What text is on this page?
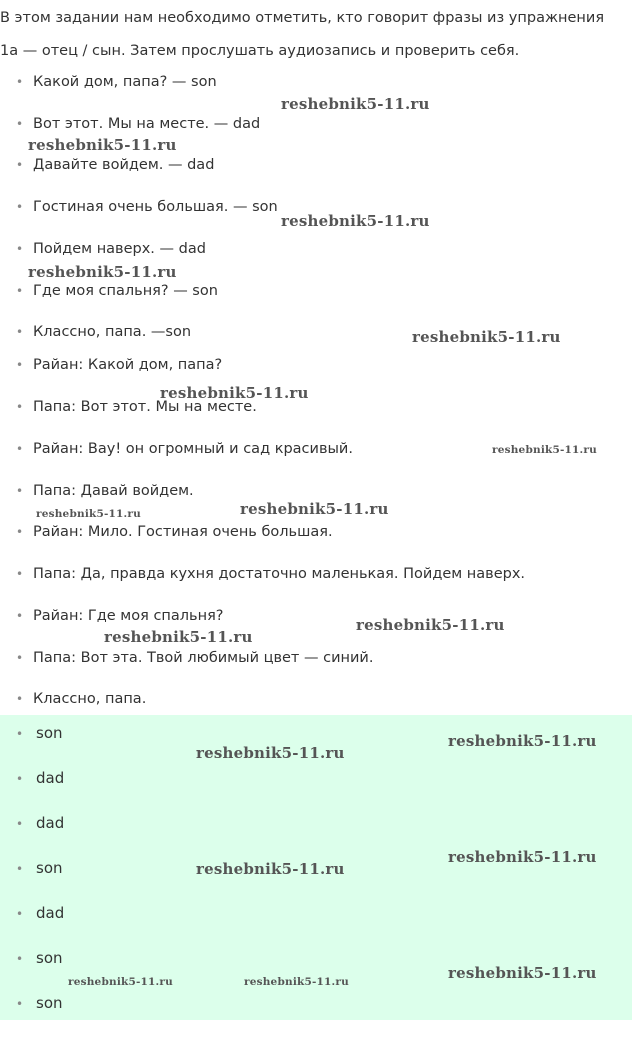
В этом задании нам необходимо отметить, кто говорит фразы из упражнения

1a — отец / сын. Затем прослушать аудиозапись и проверить себя.

• Какой дом, папа? — son
• Вот этот. Мы на месте. — dad
• Давайте войдем. — dad
• Гостиная очень большая. — son
• Пойдем наверх. — dad
• Где моя спальня? — son
• Классно, папа. —son
• Райан: Какой дом, папа?
• Папа: Вот этот. Мы на месте.
• Райан: Вау! он огромный и сад красивый.
• Папа: Давай войдем.
• Райан: Мило. Гостиная очень большая.
• Папа: Да, правда кухня достаточно маленькая. Пойдем наверх.
• Райан: Где моя спальня?
• Папа: Вот эта. Твой любимый цвет — синий.
• Классно, папа.
• son
• dad
• dad
• son
• dad
• son
• son
reshebnik5-11.ru
reshebnik5-11.ru
reshebnik5-11.ru
reshebnik5-11.ru
reshebnik5-11.ru
reshebnik5-11.ru
reshebnik5-11.ru
reshebnik5-11.ru
reshebnik5-11.ru
reshebnik5-11.ru
reshebnik5-11.ru
reshebnik5-11.ru
reshebnik5-11.ru
reshebnik5-11.ru
reshebnik5-11.ru
reshebnik5-11.ru
reshebnik5-11.ru	reshebnik5-11.ru
